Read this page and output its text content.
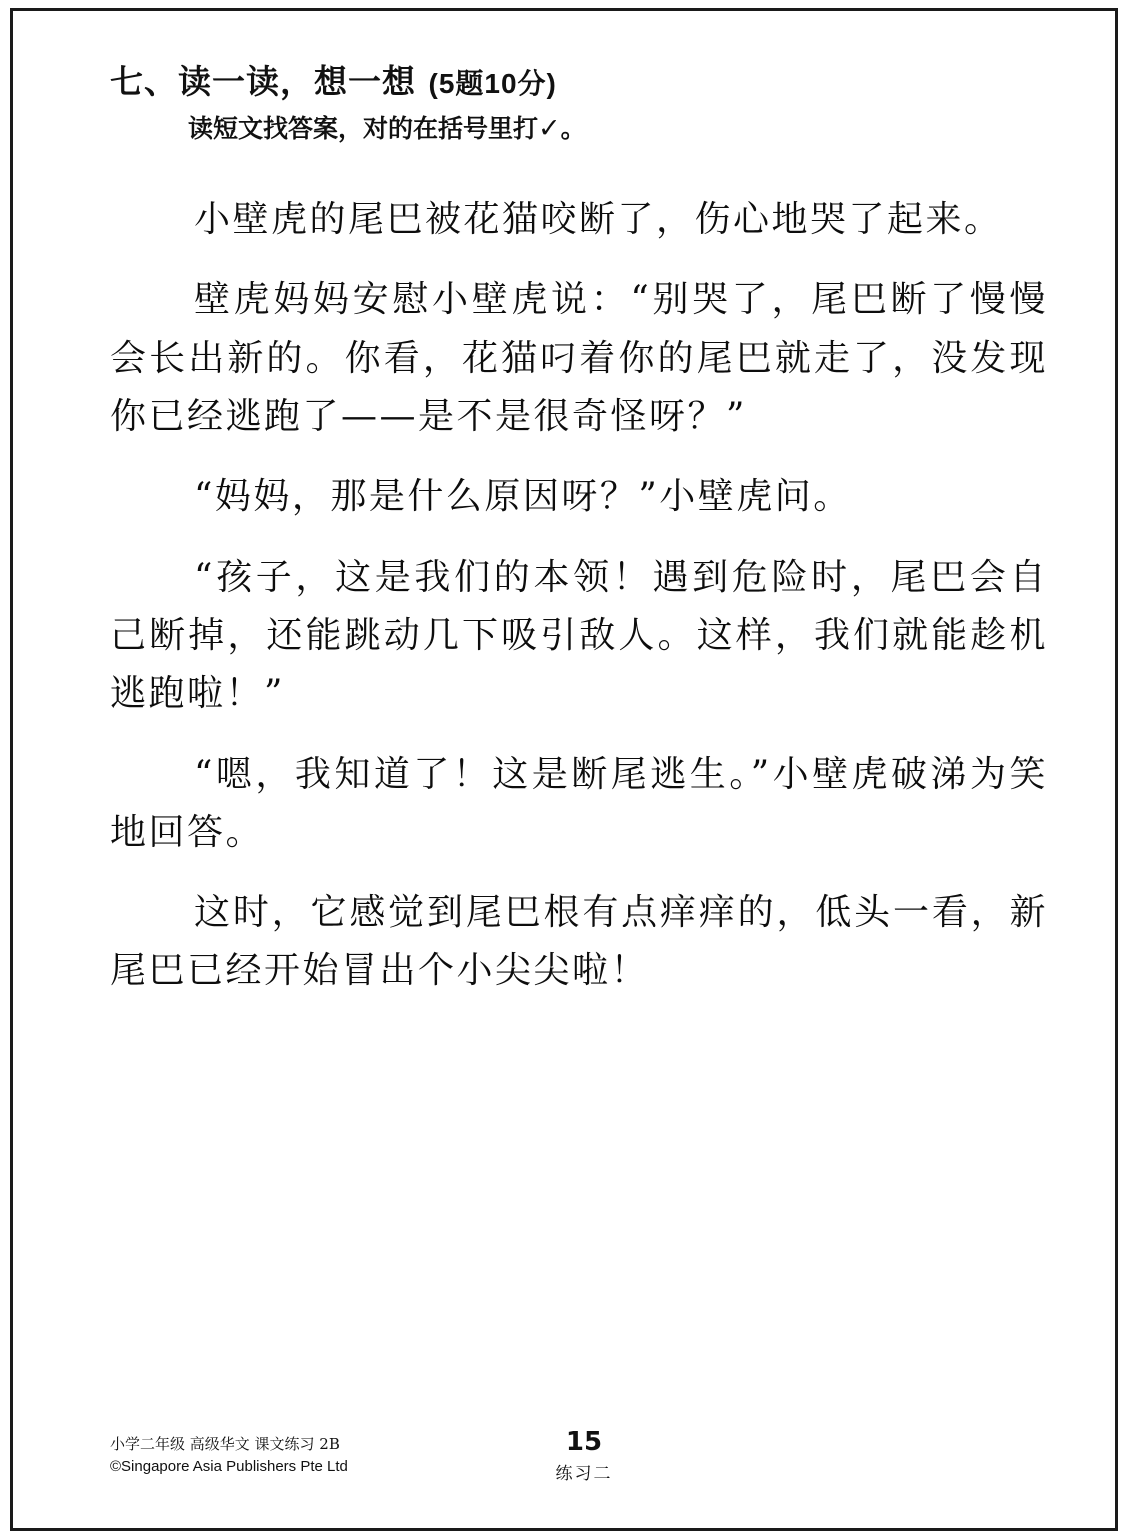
七、读一读，想一想 (5题10分)
读短文找答案，对的在括号里打✓。

小壁虎的尾巴被花猫咬断了，伤心地哭了起来。

壁虎妈妈安慰小壁虎说：“别哭了，尾巴断了慢慢会长出新的。你看，花猫叼着你的尾巴就走了，没发现你已经逃跑了——是不是很奇怪呀？”

“妈妈，那是什么原因呀？”小壁虎问。

“孩子，这是我们的本领！遇到危险时，尾巴会自己断掉，还能跳动几下吸引敌人。这样，我们就能趁机逃跑啦！”

“嗯，我知道了！这是断尾逃生。”小壁虎破涕为笑地回答。

这时，它感觉到尾巴根有点痒痒的，低头一看，新尾巴已经开始冒出个小尖尖啦！

小学二年级 高级华文 课文练习 2B
©Singapore Asia Publishers Pte Ltd
15
练习二
